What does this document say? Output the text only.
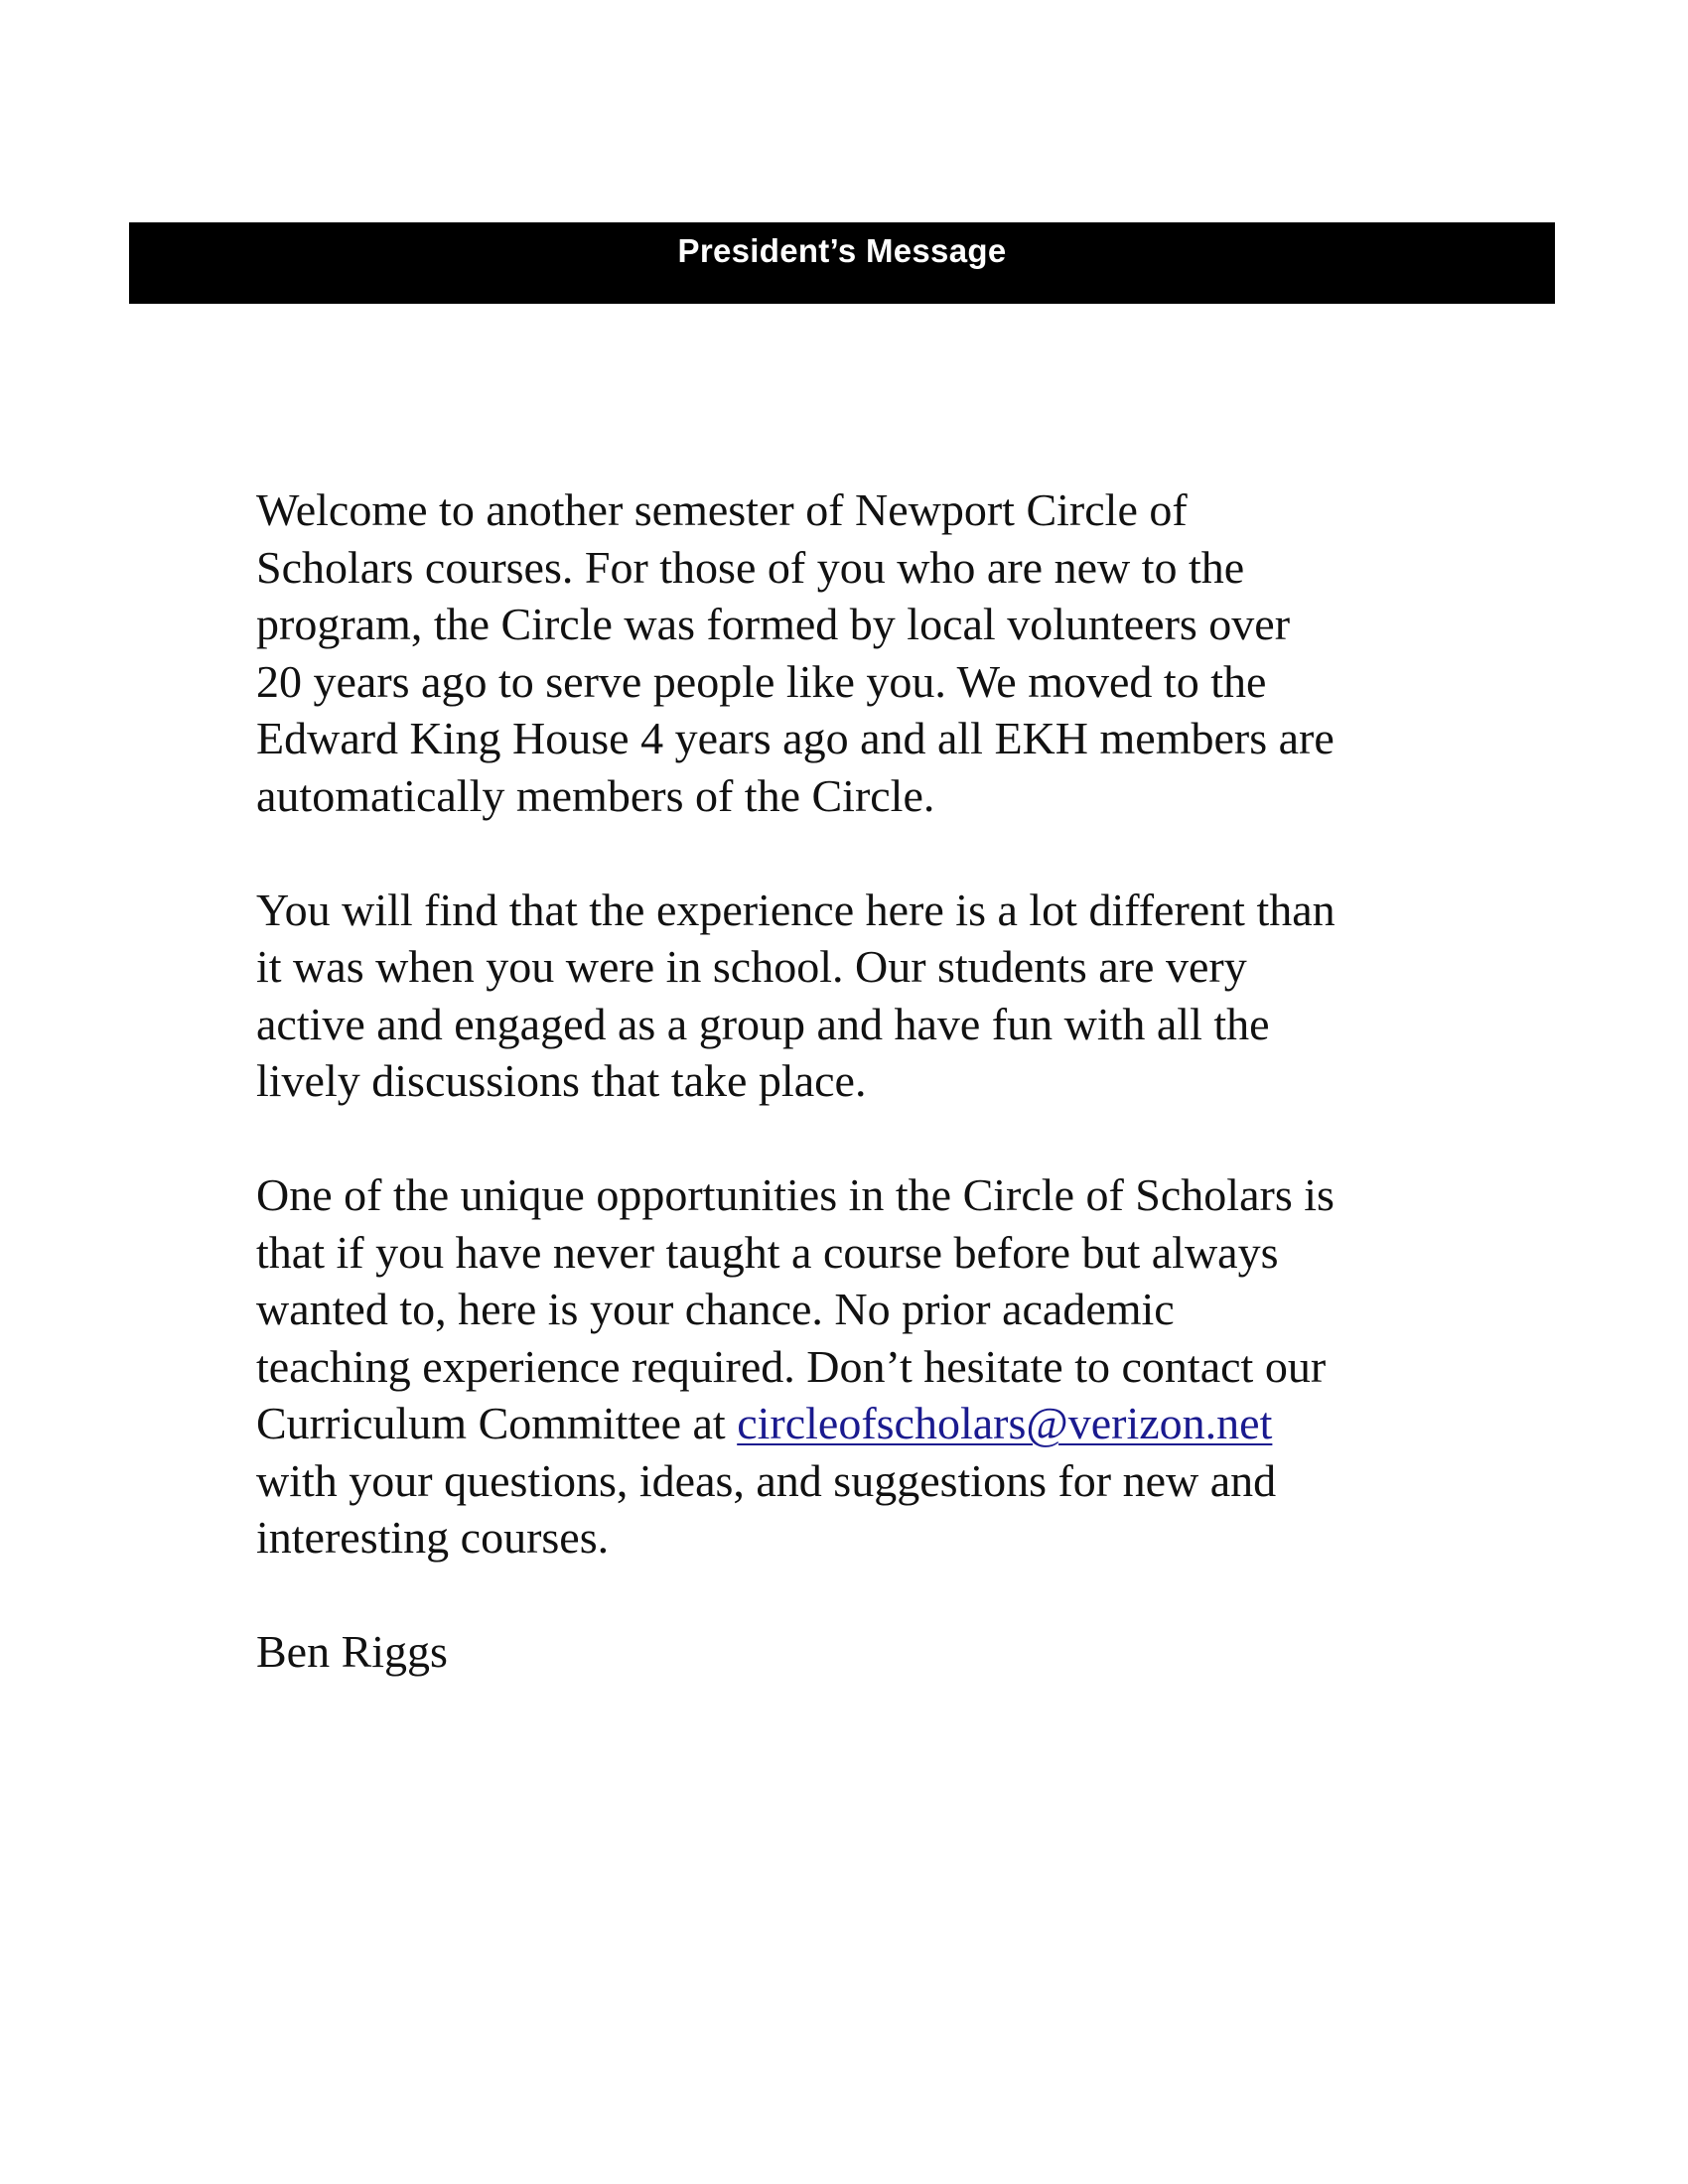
President’s Message

Welcome to another semester of Newport Circle of
Scholars courses. For those of you who are new to the
program, the Circle was formed by local volunteers over
20 years ago to serve people like you. We moved to the
Edward King House 4 years ago and all EKH members are
automatically members of the Circle.

You will find that the experience here is a lot different than
it was when you were in school. Our students are very
active and engaged as a group and have fun with all the
lively discussions that take place.

One of the unique opportunities in the Circle of Scholars is
that if you have never taught a course before but always
wanted to, here is your chance. No prior academic
teaching experience required. Don’t hesitate to contact our
Curriculum Committee at circleofscholars@verizon.net
with your questions, ideas, and suggestions for new and
interesting courses.

Ben Riggs
